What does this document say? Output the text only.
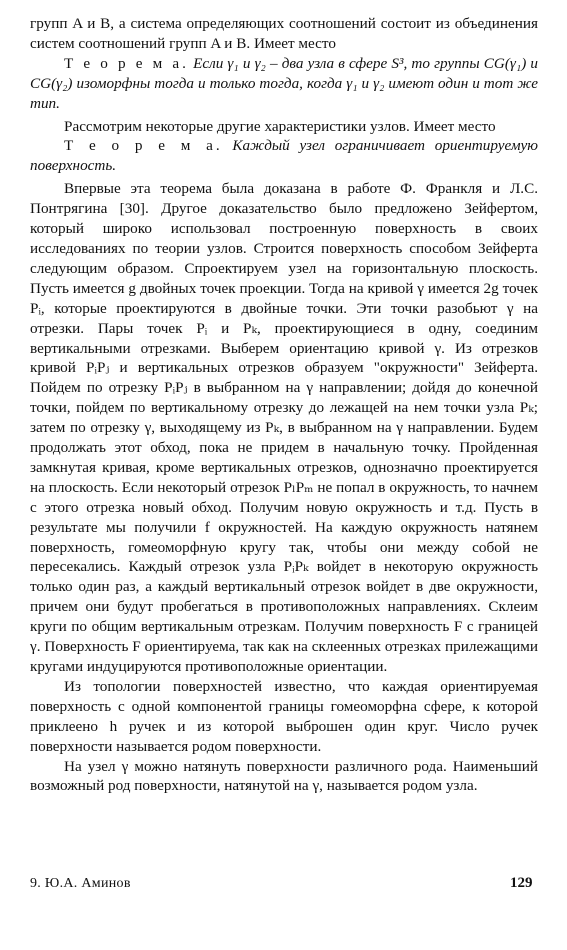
групп A и B, а система определяющих соотношений состоит из объединения систем соотношений групп A и B. Имеет место

Т е о р е м а. Если γ₁ и γ₂ – два узла в сфере S³, то группы CG(γ₁) и CG(γ₂) изоморфны тогда и только тогда, когда γ₁ и γ₂ имеют один и тот же тип.

Рассмотрим некоторые другие характеристики узлов. Имеет место

Т е о р е м а. Каждый узел ограничивает ориентируемую поверхность.

Впервые эта теорема была доказана в работе Ф. Франкля и Л.С. Понтрягина [30]. Другое доказательство было предложено Зейфертом, который широко использовал построенную поверхность в своих исследованиях по теории узлов. Строится поверхность способом Зейферта следующим образом. Спроектируем узел на горизонтальную плоскость. Пусть имеется g двойных точек проекции. Тогда на кривой γ имеется 2g точек Pᵢ, которые проектируются в двойные точки. Эти точки разобьют γ на отрезки. Пары точек Pᵢ и Pₖ, проектирующиеся в одну, соединим вертикальными отрезками. Выберем ориентацию кривой γ. Из отрезков кривой PᵢPⱼ и вертикальных отрезков образуем "окружности" Зейферта. Пойдем по отрезку PᵢPⱼ в выбранном на γ направлении; дойдя до конечной точки, пойдем по вертикальному отрезку до лежащей на нем точки узла Pₖ; затем по отрезку γ, выходящему из Pₖ, в выбранном на γ направлении. Будем продолжать этот обход, пока не придем в начальную точку. Пройденная замкнутая кривая, кроме вертикальных отрезков, однозначно проектируется на плоскость. Если некоторый отрезок PₗPₘ не попал в окружность, то начнем с этого отрезка новый обход. Получим новую окружность и т.д. Пусть в результате мы получили f окружностей. На каждую окружность натянем поверхность, гомеоморфную кругу так, чтобы они между собой не пересекались. Каждый отрезок узла PᵢPₖ войдет в некоторую окружность только один раз, а каждый вертикальный отрезок войдет в две окружности, причем они будут пробегаться в противоположных направлениях. Склеим круги по общим вертикальным отрезкам. Получим поверхность F с границей γ. Поверхность F ориентируема, так как на склеенных отрезках прилежащими кругами индуцируются противоположные ориентации.

Из топологии поверхностей известно, что каждая ориентируемая поверхность с одной компонентой границы гомеоморфна сфере, к которой приклеено h ручек и из которой выброшен один круг. Число ручек поверхности называется родом поверхности.

На узел γ можно натянуть поверхности различного рода. Наименьший возможный род поверхности, натянутой на γ, называется родом узла.

9. Ю.А. Аминов	129
